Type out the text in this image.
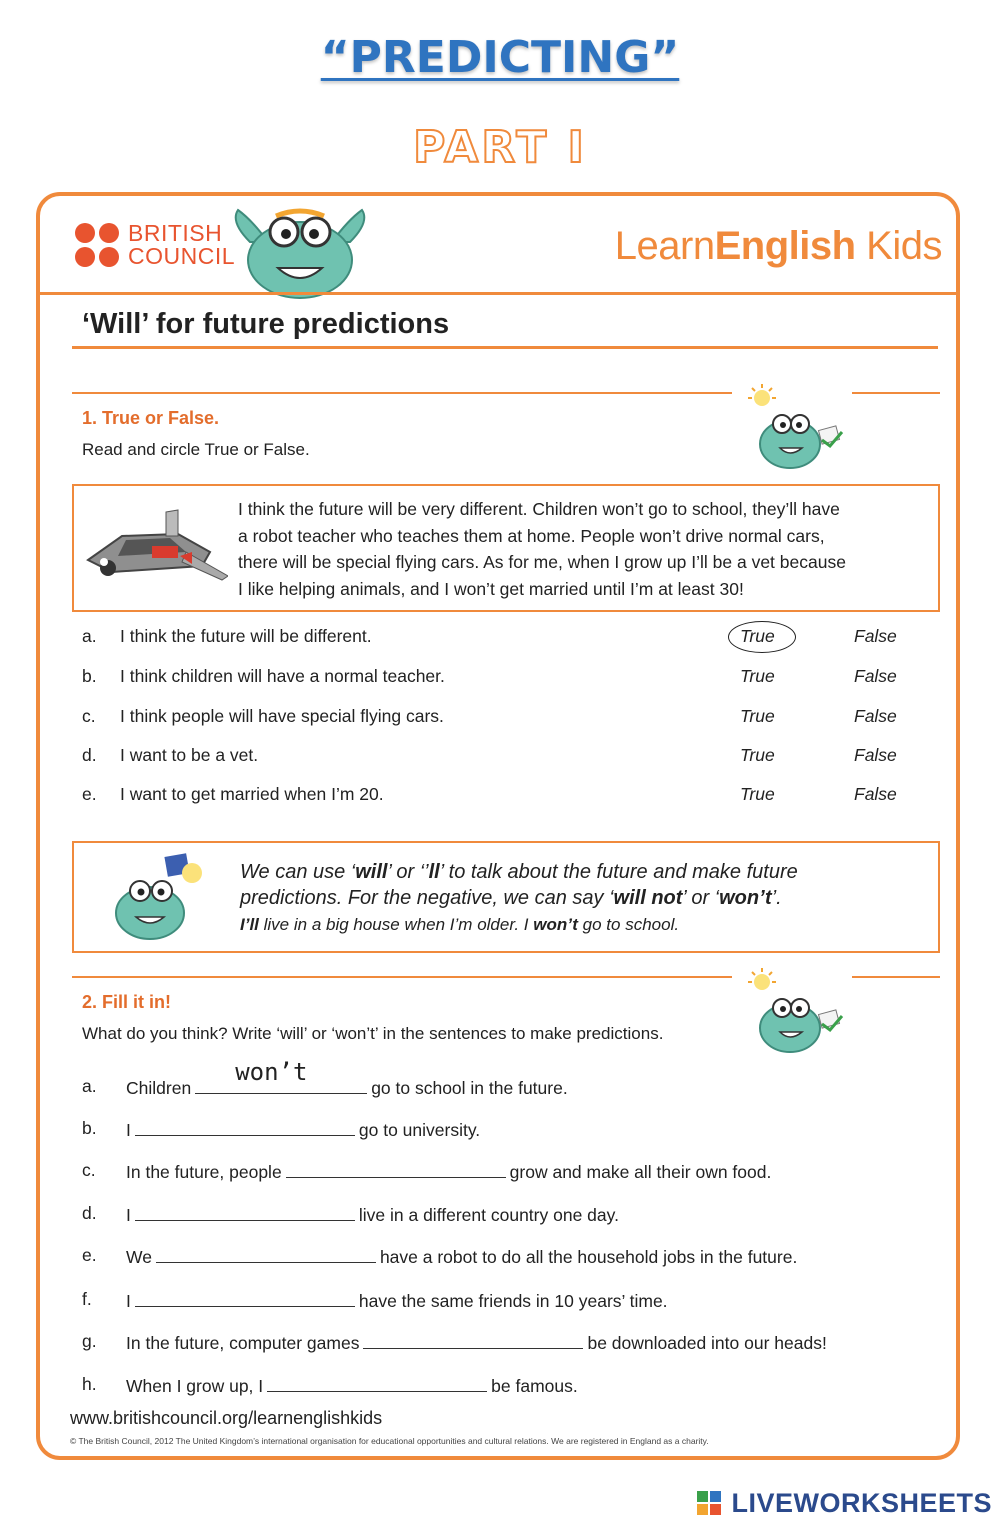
“PREDICTING”
PART I
BRITISH COUNCIL	LearnEnglish Kids
‘Will’ for future predictions
1. True or False.
Read and circle True or False.
I think the future will be very different. Children won’t go to school, they’ll have
a robot teacher who teaches them at home. People won’t drive normal cars,
there will be special flying cars. As for me, when I grow up I’ll be a vet because
I like helping animals, and I won’t get married until I’m at least 30!
a. I think the future will be different.	True	False
b. I think children will have a normal teacher.	True	False
c. I think people will have special flying cars.	True	False
d. I want to be a vet.	True	False
e. I want to get married when I’m 20.	True	False
We can use ‘will’ or ‘’ll’ to talk about the future and make future
predictions. For the negative, we can say ‘will not’ or ‘won’t’.
I’ll live in a big house when I’m older. I won’t go to school.
2. Fill it in!
What do you think? Write ‘will’ or ‘won’t’ in the sentences to make predictions.
a. Children
won’t
go to school in the future.
b. I	go to university.
c. In the future, people	grow and make all their own food.
d. I	live in a different country one day.
e. We	have a robot to do all the household jobs in the future.
f. I	have the same friends in 10 years’ time.
g. In the future, computer games	be downloaded into our heads!
h. When I grow up, I	be famous.
www.britishcouncil.org/learnenglishkids
© The British Council, 2012 The United Kingdom’s international organisation for educational opportunities and cultural relations. We are registered in England as a charity.
LIVEWORKSHEETS
